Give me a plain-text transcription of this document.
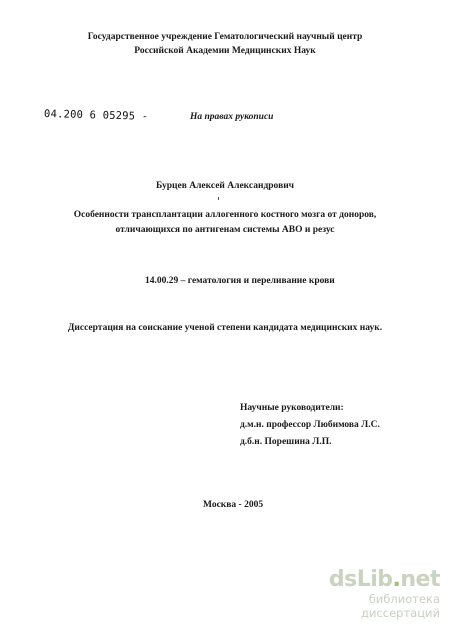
Государственное учреждение Гематологический научный центр
Российской Академии Медицинских Наук
04.200 6 05295 -	На правах рукописи
Бурцев Алексей Александрович
Особенности трансплантации аллогенного костного мозга от доноров,
отличающихся по антигенам системы АВО и резус
14.00.29 – гематология и переливание крови
Диссертация на соискание ученой степени кандидата медицинских наук.
Научные руководители:
д.м.н. профессор Любимова Л.С.
д.б.н. Порешина Л.П.
Москва - 2005
dsLib.net
библиотека диссертаций
